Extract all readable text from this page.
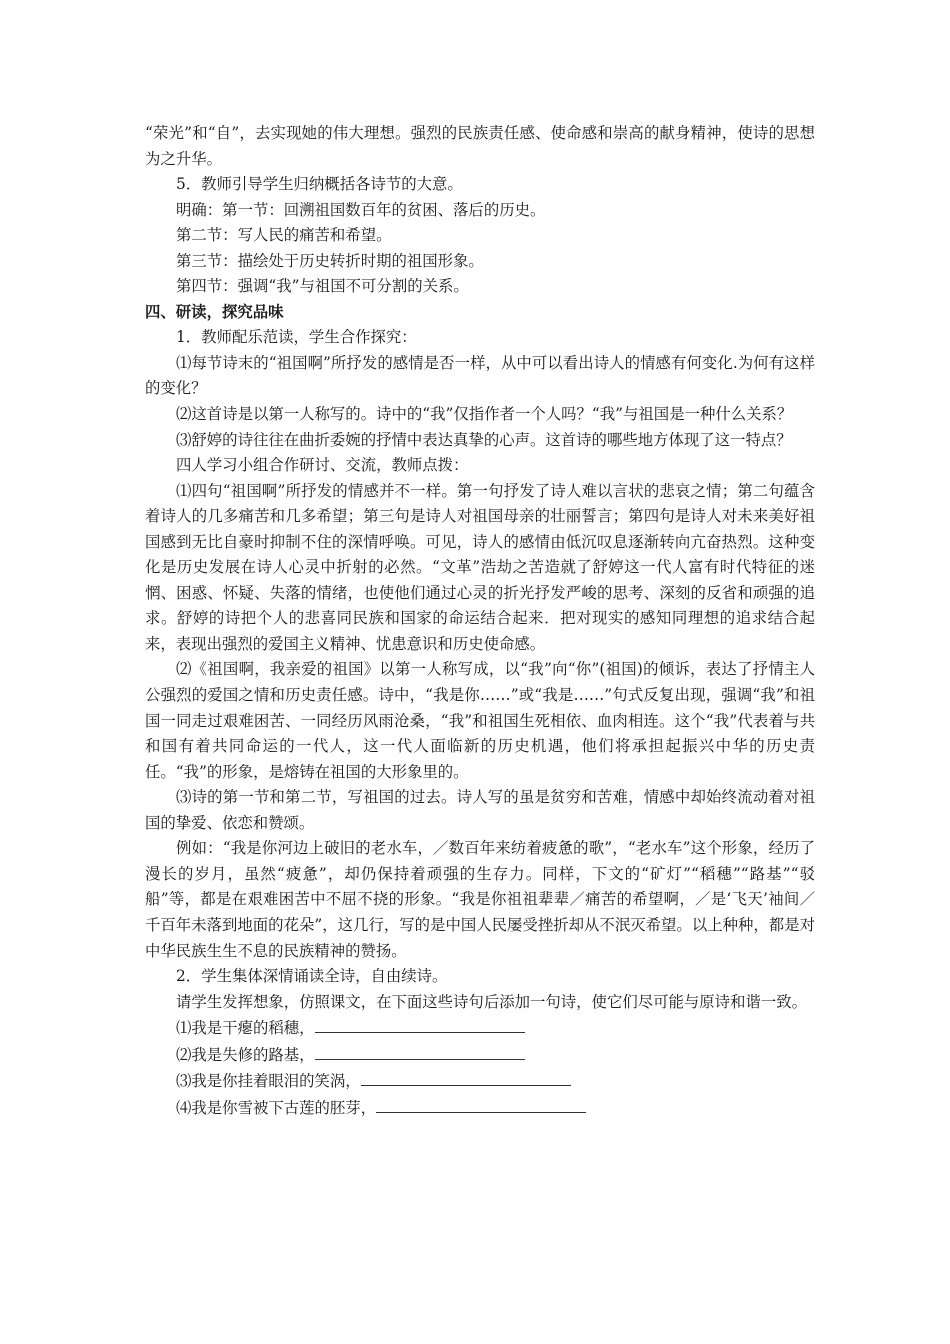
“荣光”和“自”，去实现她的伟大理想。强烈的民族责任感、使命感和崇高的献身精神，使诗的思想为之升华。

5．教师引导学生归纳概括各诗节的大意。

明确：第一节：回溯祖国数百年的贫困、落后的历史。

第二节：写人民的痛苦和希望。

第三节：描绘处于历史转折时期的祖国形象。

第四节：强调“我”与祖国不可分割的关系。

四、研读，探究品味

1．教师配乐范读，学生合作探究：

⑴每节诗末的“祖国啊”所抒发的感情是否一样，从中可以看出诗人的情感有何变化.为何有这样的变化？

⑵这首诗是以第一人称写的。诗中的“我”仅指作者一个人吗？“我”与祖国是一种什么关系？

⑶舒婷的诗往往在曲折委婉的抒情中表达真挚的心声。这首诗的哪些地方体现了这一特点？

四人学习小组合作研讨、交流，教师点拨：

⑴四句“祖国啊”所抒发的情感并不一样。第一句抒发了诗人难以言状的悲哀之情；第二句蕴含着诗人的几多痛苦和几多希望；第三句是诗人对祖国母亲的壮丽誓言；第四句是诗人对未来美好祖国感到无比自豪时抑制不住的深情呼唤。可见，诗人的感情由低沉叹息逐渐转向亢奋热烈。这种变化是历史发展在诗人心灵中折射的必然。“文革”浩劫之苦造就了舒婷这一代人富有时代特征的迷惘、困惑、怀疑、失落的情绪，也使他们通过心灵的折光抒发严峻的思考、深刻的反省和顽强的追求。舒婷的诗把个人的悲喜同民族和国家的命运结合起来．把对现实的感知同理想的追求结合起来，表现出强烈的爱国主义精神、忧患意识和历史使命感。

⑵《祖国啊，我亲爱的祖国》以第一人称写成，以“我”向“你”(祖国)的倾诉，表达了抒情主人公强烈的爱国之情和历史责任感。诗中，“我是你……”或“我是……”句式反复出现，强调“我”和祖国一同走过艰难困苦、一同经历风雨沧桑，“我”和祖国生死相依、血肉相连。这个“我”代表着与共和国有着共同命运的一代人，这一代人面临新的历史机遇，他们将承担起振兴中华的历史责任。“我”的形象，是熔铸在祖国的大形象里的。

⑶诗的第一节和第二节，写祖国的过去。诗人写的虽是贫穷和苦难，情感中却始终流动着对祖国的挚爱、依恋和赞颂。

例如：“我是你河边上破旧的老水车，／数百年来纺着疲惫的歌”，“老水车”这个形象，经历了漫长的岁月，虽然“疲惫”，却仍保持着顽强的生存力。同样，下文的“矿灯”“稻穗”“路基”“驳船”等，都是在艰难困苦中不屈不挠的形象。“我是你祖祖辈辈／痛苦的希望啊，／是‘飞天’袖间／千百年未落到地面的花朵”，这几行，写的是中国人民屡受挫折却从不泯灭希望。以上种种，都是对中华民族生生不息的民族精神的赞扬。

2．学生集体深情诵读全诗，自由续诗。

请学生发挥想象，仿照课文，在下面这些诗句后添加一句诗，使它们尽可能与原诗和谐一致。

⑴我是干瘪的稻穗，

⑵我是失修的路基，

⑶我是你挂着眼泪的笑涡，

⑷我是你雪被下古莲的胚芽，
